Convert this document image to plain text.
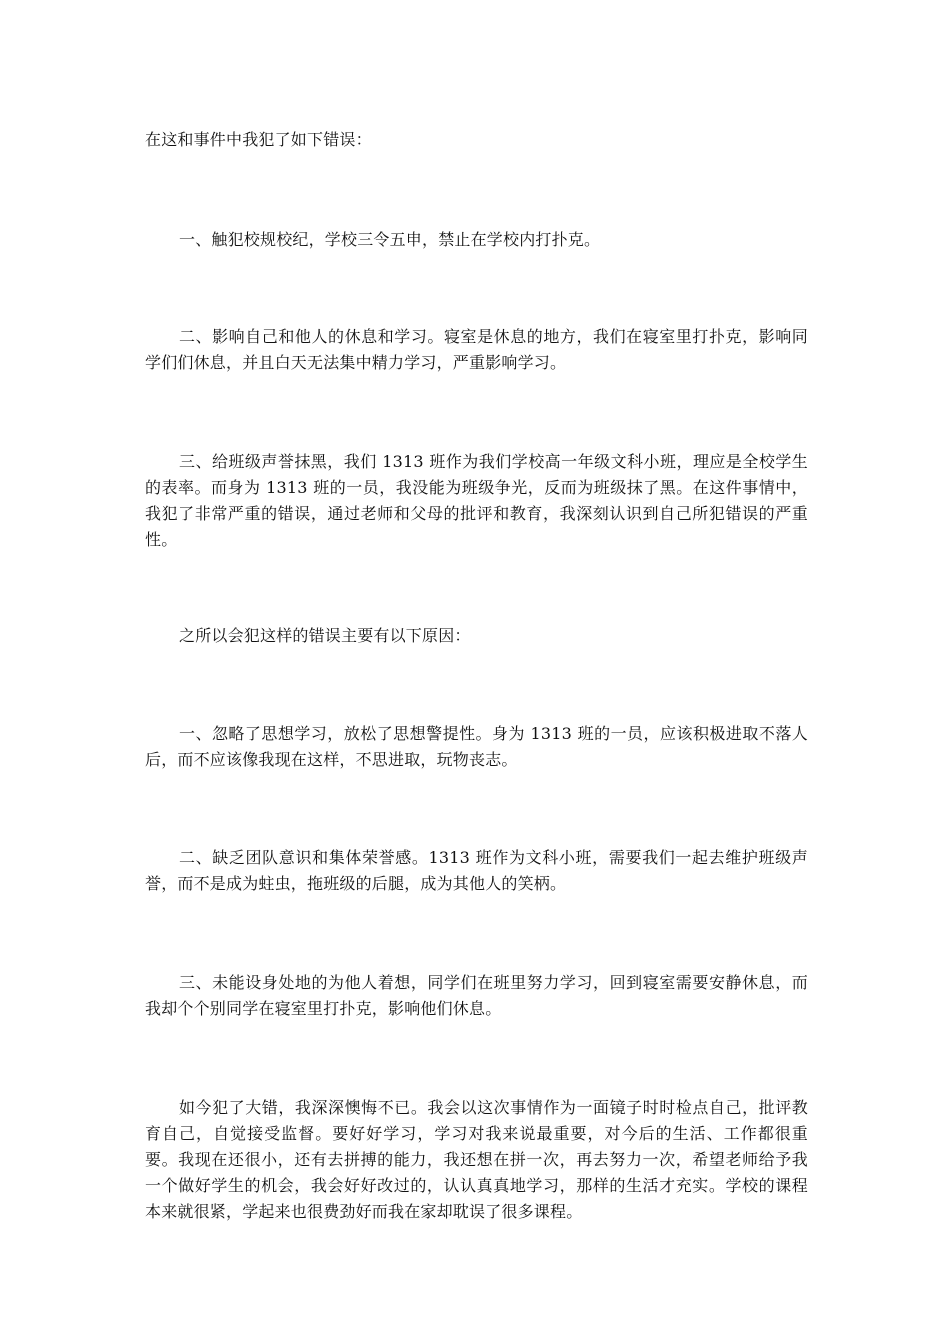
在这和事件中我犯了如下错误：

一、触犯校规校纪，学校三令五申，禁止在学校内打扑克。

二、影响自己和他人的休息和学习。寝室是休息的地方，我们在寝室里打扑克，影响同学们们休息，并且白天无法集中精力学习，严重影响学习。

三、给班级声誉抹黑，我们 1313 班作为我们学校高一年级文科小班，理应是全校学生的表率。而身为 1313 班的一员，我没能为班级争光，反而为班级抹了黑。在这件事情中，我犯了非常严重的错误，通过老师和父母的批评和教育，我深刻认识到自己所犯错误的严重性。

之所以会犯这样的错误主要有以下原因：

一、忽略了思想学习，放松了思想警提性。身为 1313 班的一员，应该积极进取不落人后，而不应该像我现在这样，不思进取，玩物丧志。

二、缺乏团队意识和集体荣誉感。1313 班作为文科小班，需要我们一起去维护班级声誉，而不是成为蛀虫，拖班级的后腿，成为其他人的笑柄。

三、未能设身处地的为他人着想，同学们在班里努力学习，回到寝室需要安静休息，而我却个个别同学在寝室里打扑克，影响他们休息。

如今犯了大错，我深深懊悔不已。我会以这次事情作为一面镜子时时检点自己，批评教育自己，自觉接受监督。要好好学习，学习对我来说最重要，对今后的生活、工作都很重要。我现在还很小，还有去拼搏的能力，我还想在拼一次，再去努力一次，希望老师给予我一个做好学生的机会，我会好好改过的，认认真真地学习，那样的生活才充实。学校的课程本来就很紧，学起来也很费劲好而我在家却耽误了很多课程。
